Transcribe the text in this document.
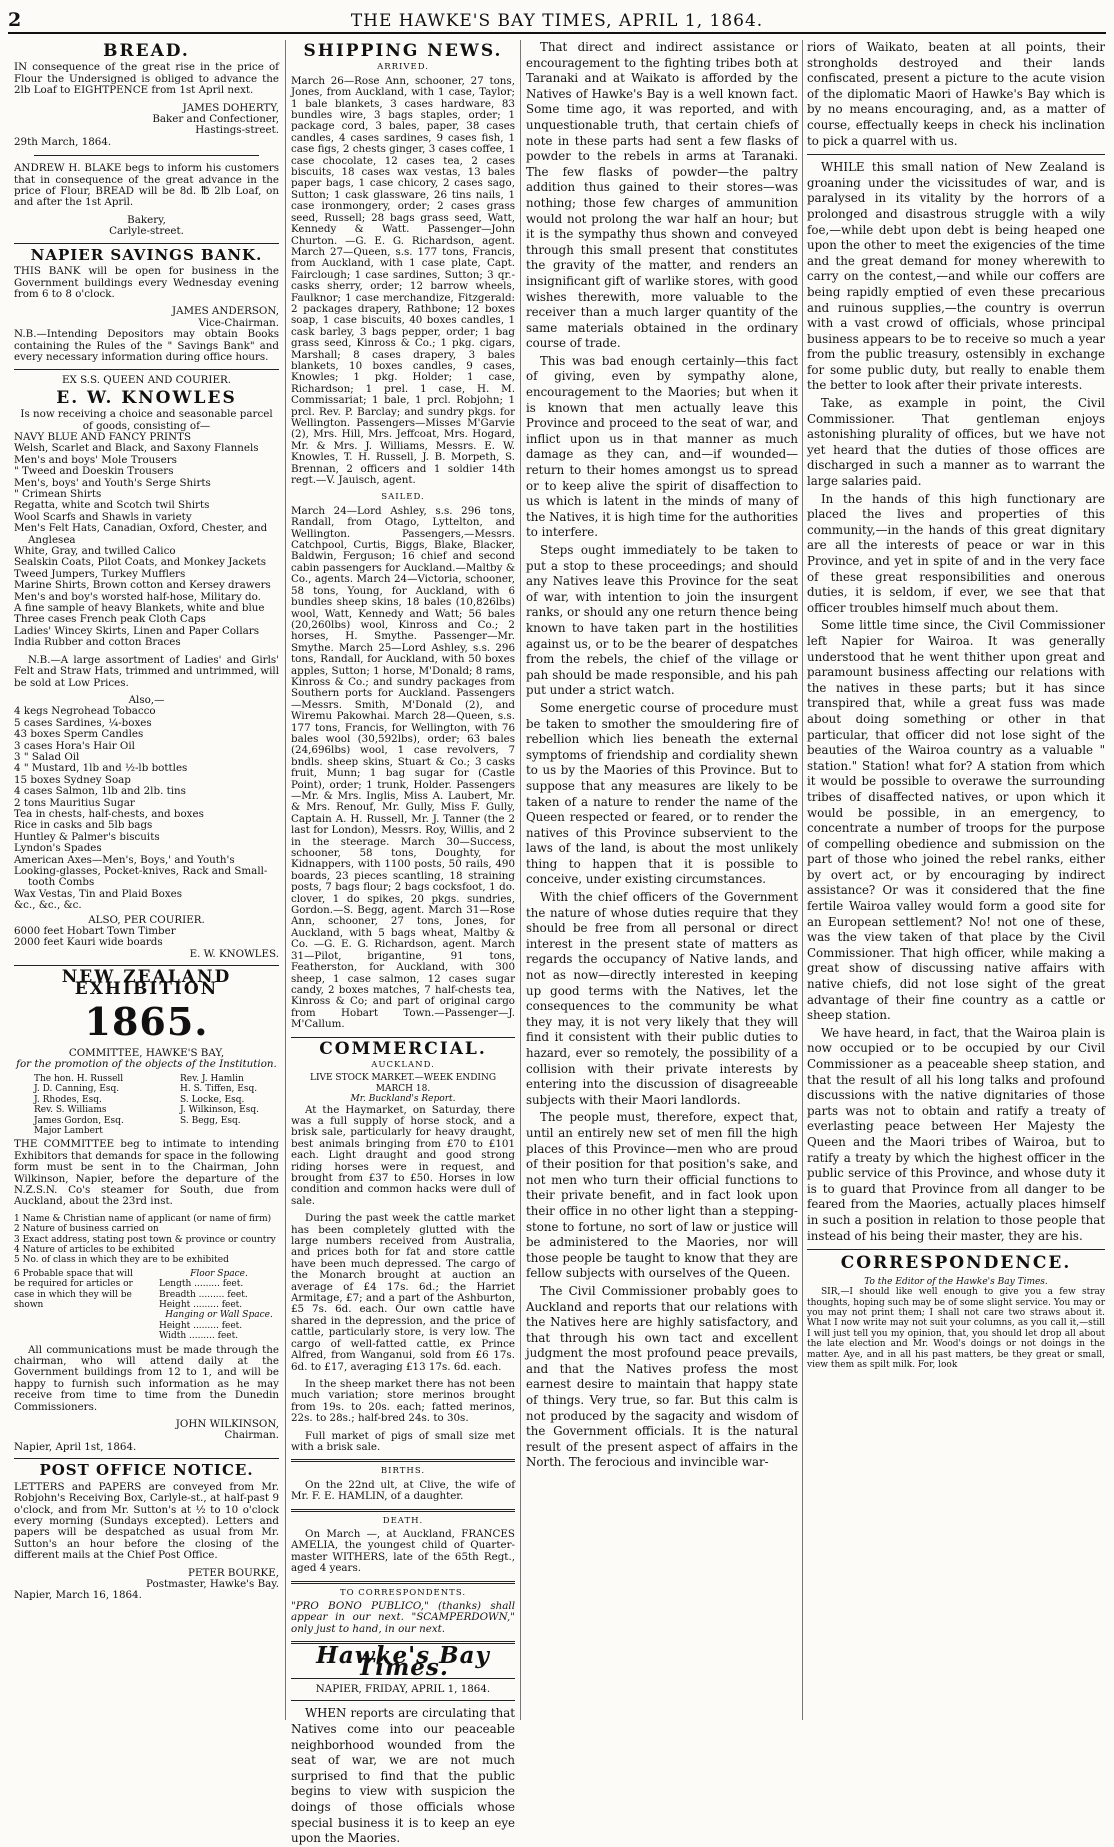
2	THE HAWKE'S BAY TIMES, APRIL 1, 1864.
BREAD.
IN consequence of the great rise in the price of Flour the Undersigned is obliged to advance the 2lb Loaf to EIGHTPENCE from 1st April next.
JAMES DOHERTY,
Baker and Confectioner,
Hastings-street.
29th March, 1864.
ANDREW H. BLAKE begs to inform his customers that in consequence of the great advance in the price of Flour, BREAD will be 8d. ℔ 2lb Loaf, on and after the 1st April.
Bakery,
Carlyle-street.
NAPIER SAVINGS BANK.
THIS BANK will be open for business in the Government buildings every Wednesday evening from 6 to 8 o'clock.
JAMES ANDERSON,
Vice-Chairman.
N.B.—Intending Depositors may obtain Books containing the Rules of the " Savings Bank" and every necessary information during office hours.
EX S.S. QUEEN AND COURIER.
E. W. KNOWLES
Is now receiving a choice and seasonable parcel of goods, consisting of—
NAVY BLUE AND FANCY PRINTS
Welsh, Scarlet and Black, and Saxony Flannels
Men's and boys' Mole Trousers
" Tweed and Doeskin Trousers
Men's, boys' and Youth's Serge Shirts
" Crimean Shirts
Regatta, white and Scotch twil Shirts
Wool Scarfs and Shawls in variety
Men's Felt Hats, Canadian, Oxford, Chester, and Anglesea
White, Gray, and twilled Calico
Sealskin Coats, Pilot Coats, and Monkey Jackets
Tweed Jumpers, Turkey Mufflers
Marine Shirts, Brown cotton and Kersey drawers
Men's and boy's worsted half-hose, Military do.
A fine sample of heavy Blankets, white and blue
Three cases French peak Cloth Caps
Ladies' Wincey Skirts, Linen and Paper Collars
India Rubber and cotton Braces
N.B.—A large assortment of Ladies' and Girls' Felt and Straw Hats, trimmed and untrimmed, will be sold at Low Prices.
Also,—
4 kegs Negrohead Tobacco
5 cases Sardines, ¼-boxes
43 boxes Sperm Candles
3 cases Hora's Hair Oil
3 " Salad Oil
4 " Mustard, 1lb and ½-lb bottles
15 boxes Sydney Soap
4 cases Salmon, 1lb and 2lb. tins
2 tons Mauritius Sugar
Tea in chests, half-chests, and boxes
Rice in casks and 5lb bags
Huntley & Palmer's biscuits
Lyndon's Spades
American Axes—Men's, Boys,' and Youth's
Looking-glasses, Pocket-knives, Rack and Small-tooth Combs
Wax Vestas, Tin and Plaid Boxes
&c., &c., &c.
ALSO, PER COURIER.
6000 feet Hobart Town Timber
2000 feet Kauri wide boards
E. W. KNOWLES.
NEW ZEALAND EXHIBITION
1865.
COMMITTEE, HAWKE'S BAY,
for the promotion of the objects of the Institution.
The hon. H. Russell
J. D. Canning, Esq.
J. Rhodes, Esq.
Rev. S. Williams
James Gordon, Esq.
Major Lambert
Rev. J. Hamlin
H. S. Tiffen, Esq.
S. Locke, Esq.
J. Wilkinson, Esq.
S. Begg, Esq.
THE COMMITTEE beg to intimate to intending Exhibitors that demands for space in the following form must be sent in to the Chairman, John Wilkinson, Napier, before the departure of the N.Z.S.N. Co's steamer for South, due from Auckland, about the 23rd inst.
1 Name & Christian name of applicant (or name of firm)
2 Nature of business carried on
3 Exact address, stating post town & province or country
4 Nature of articles to be exhibited
5 No. of class in which they are to be exhibited
6 Probable space that will be required for articles or case in which they will be shown
Floor Space.
Length ......... feet.
Breadth ......... feet.
Height ......... feet.
Hanging or Wall Space.
Height ......... feet.
Width ......... feet.
All communications must be made through the chairman, who will attend daily at the Government buildings from 12 to 1, and will be happy to furnish such information as he may receive from time to time from the Dunedin Commissioners.
JOHN WILKINSON,
Chairman.
Napier, April 1st, 1864.
POST OFFICE NOTICE.
LETTERS and PAPERS are conveyed from Mr. Robjohn's Receiving Box, Carlyle-st., at half-past 9 o'clock, and from Mr. Sutton's at ½ to 10 o'clock every morning (Sundays excepted). Letters and papers will be despatched as usual from Mr. Sutton's an hour before the closing of the different mails at the Chief Post Office.
PETER BOURKE,
Postmaster, Hawke's Bay.
Napier, March 16, 1864.
SHIPPING NEWS.
ARRIVED.
March 26—Rose Ann, schooner, 27 tons, Jones, from Auckland, with 1 case, Taylor; 1 bale blankets, 3 cases hardware, 83 bundles wire, 3 bags staples, order; 1 package cord, 3 bales, paper, 38 cases candles, 4 cases sardines, 9 cases fish, 1 case figs, 2 chests ginger, 3 cases coffee, 1 case chocolate, 12 cases tea, 2 cases biscuits, 18 cases wax vestas, 13 bales paper bags, 1 case chicory, 2 cases sago, Sutton; 1 cask glassware, 26 tins nails, 1 case ironmongery, order; 2 cases grass seed, Russell; 28 bags grass seed, Watt, Kennedy & Watt. Passenger—John Churton. —G. E. G. Richardson, agent. March 27—Queen, s.s. 177 tons, Francis, from Auckland, with 1 case plate, Capt. Fairclough; 1 case sardines, Sutton; 3 qr.-casks sherry, order; 12 barrow wheels, Faulknor; 1 case merchandize, Fitzgerald: 2 packages drapery, Rathbone; 12 boxes soap, 1 case biscuits, 40 boxes candles, 1 cask barley, 3 bags pepper, order; 1 bag grass seed, Kinross & Co.; 1 pkg. cigars, Marshall; 8 cases drapery, 3 bales blankets, 10 boxes candles, 9 cases, Knowles; 1 pkg. Holder; 1 case, Richardson; 1 prel. 1 case, H. M. Commissariat; 1 bale, 1 prcl. Robjohn; 1 prcl. Rev. P. Barclay; and sundry pkgs. for Wellington. Passengers—Misses M'Garvie (2), Mrs. Hill, Mrs. Jeffcoat, Mrs. Hogard, Mr. & Mrs. J. Williams, Messrs. E. W. Knowles, T. H. Russell, J. B. Morpeth, S. Brennan, 2 officers and 1 soldier 14th regt.—V. Jauisch, agent.
SAILED.
March 24—Lord Ashley, s.s. 296 tons, Randall, from Otago, Lyttelton, and Wellington. Passengers,—Messrs. Catchpool, Curtis, Biggs, Blake, Blacker, Baldwin, Ferguson; 16 chief and second cabin passengers for Auckland.—Maltby & Co., agents. March 24—Victoria, schooner, 58 tons, Young, for Auckland, with 6 bundles sheep skins, 18 bales (10,826lbs) wool, Watt, Kennedy and Watt; 56 bales (20,260lbs) wool, Kinross and Co.; 2 horses, H. Smythe. Passenger—Mr. Smythe. March 25—Lord Ashley, s.s. 296 tons, Randall, for Auckland, with 50 boxes apples, Sutton; 1 horse, M'Donald; 8 rams, Kinross & Co.; and sundry packages from Southern ports for Auckland. Passengers—Messrs. Smith, M'Donald (2), and Wiremu Pakowhai. March 28—Queen, s.s. 177 tons, Francis, for Wellington, with 76 bales wool (30,592lbs), order; 63 bales (24,696lbs) wool, 1 case revolvers, 7 bndls. sheep skins, Stuart & Co.; 3 casks fruit, Munn; 1 bag sugar for (Castle Point), order; 1 trunk, Holder. Passengers—Mr. & Mrs. Inglis, Miss A. Laubert, Mr. & Mrs. Renouf, Mr. Gully, Miss F. Gully, Captain A. H. Russell, Mr. J. Tanner (the 2 last for London), Messrs. Roy, Willis, and 2 in the steerage. March 30—Success, schooner, 58 tons, Doughty, for Kidnappers, with 1100 posts, 50 rails, 490 boards, 23 pieces scantling, 18 straining posts, 7 bags flour; 2 bags cocksfoot, 1 do. clover, 1 do spikes, 20 pkgs. sundries, Gordon.—S. Begg, agent. March 31—Rose Ann, schooner, 27 tons, Jones, for Auckland, with 5 bags wheat, Maltby & Co. —G. E. G. Richardson, agent. March 31—Pilot, brigantine, 91 tons, Featherston, for Auckland, with 300 sheep, 1 case salmon, 12 cases sugar candy, 2 boxes matches, 7 half-chests tea, Kinross & Co; and part of original cargo from Hobart Town.—Passenger—J. M'Callum.
COMMERCIAL.
AUCKLAND.
LIVE STOCK MARKET.—WEEK ENDING MARCH 18.
Mr. Buckland's Report.
At the Haymarket, on Saturday, there was a full supply of horse stock, and a brisk sale, particularly for heavy draught, best animals bringing from £70 to £101 each. Light draught and good strong riding horses were in request, and brought from £37 to £50. Horses in low condition and common hacks were dull of sale.
During the past week the cattle market has been completely glutted with the large numbers received from Australia, and prices both for fat and store cattle have been much depressed. The cargo of the Monarch brought at auction an average of £4 17s. 6d.; the Harriet Armitage, £7; and a part of the Ashburton, £5 7s. 6d. each. Our own cattle have shared in the depression, and the price of cattle, particularly store, is very low. The cargo of well-fatted cattle, ex Prince Alfred, from Wanganui, sold from £6 17s. 6d. to £17, averaging £13 17s. 6d. each.
In the sheep market there has not been much variation; store merinos brought from 19s. to 20s. each; fatted merinos, 22s. to 28s.; half-bred 24s. to 30s.
Full market of pigs of small size met with a brisk sale.
BIRTHS.
On the 22nd ult, at Clive, the wife of Mr. F. E. HAMLIN, of a daughter.
DEATH.
On March —, at Auckland, FRANCES AMELIA, the youngest child of Quarter-master WITHERS, late of the 65th Regt., aged 4 years.
TO CORRESPONDENTS.
"PRO BONO PUBLICO," (thanks) shall appear in our next. "SCAMPERDOWN," only just to hand, in our next.
Hawke's Bay Times.
NAPIER, FRIDAY, APRIL 1, 1864.
WHEN reports are circulating that Natives come into our peaceable neighborhood wounded from the seat of war, we are not much surprised to find that the public begins to view with suspicion the doings of those officials whose special business it is to keep an eye upon the Maories.

That direct and indirect assistance or encouragement to the fighting tribes both at Taranaki and at Waikato is afforded by the Natives of Hawke's Bay is a well known fact. Some time ago, it was reported, and with unquestionable truth, that certain chiefs of note in these parts had sent a few flasks of powder to the rebels in arms at Taranaki. The few flasks of powder—the paltry addition thus gained to their stores—was nothing; those few charges of ammunition would not prolong the war half an hour; but it is the sympathy thus shown and conveyed through this small present that constitutes the gravity of the matter, and renders an insignificant gift of warlike stores, with good wishes therewith, more valuable to the receiver than a much larger quantity of the same materials obtained in the ordinary course of trade.

This was bad enough certainly—this fact of giving, even by sympathy alone, encouragement to the Maories; but when it is known that men actually leave this Province and proceed to the seat of war, and inflict upon us in that manner as much damage as they can, and—if wounded—return to their homes amongst us to spread or to keep alive the spirit of disaffection to us which is latent in the minds of many of the Natives, it is high time for the authorities to interfere.

Steps ought immediately to be taken to put a stop to these proceedings; and should any Natives leave this Province for the seat of war, with intention to join the insurgent ranks, or should any one return thence being known to have taken part in the hostilities against us, or to be the bearer of despatches from the rebels, the chief of the village or pah should be made responsible, and his pah put under a strict watch.

Some energetic course of procedure must be taken to smother the smouldering fire of rebellion which lies beneath the external symptoms of friendship and cordiality shewn to us by the Maories of this Province. But to suppose that any measures are likely to be taken of a nature to render the name of the Queen respected or feared, or to render the natives of this Province subservient to the laws of the land, is about the most unlikely thing to happen that it is possible to conceive, under existing circumstances.

With the chief officers of the Government the nature of whose duties require that they should be free from all personal or direct interest in the present state of matters as regards the occupancy of Native lands, and not as now—directly interested in keeping up good terms with the Natives, let the consequences to the community be what they may, it is not very likely that they will find it consistent with their public duties to hazard, ever so remotely, the possibility of a collision with their private interests by entering into the discussion of disagreeable subjects with their Maori landlords.

The people must, therefore, expect that, until an entirely new set of men fill the high places of this Province—men who are proud of their position for that position's sake, and not men who turn their official functions to their private benefit, and in fact look upon their office in no other light than a stepping-stone to fortune, no sort of law or justice will be administered to the Maories, nor will those people be taught to know that they are fellow subjects with ourselves of the Queen.

The Civil Commissioner probably goes to Auckland and reports that our relations with the Natives here are highly satisfactory, and that through his own tact and excellent judgment the most profound peace prevails, and that the Natives profess the most earnest desire to maintain that happy state of things. Very true, so far. But this calm is not produced by the sagacity and wisdom of the Government officials. It is the natural result of the present aspect of affairs in the North. The ferocious and invincible war-

riors of Waikato, beaten at all points, their strongholds destroyed and their lands confiscated, present a picture to the acute vision of the diplomatic Maori of Hawke's Bay which is by no means encouraging, and, as a matter of course, effectually keeps in check his inclination to pick a quarrel with us.

WHILE this small nation of New Zealand is groaning under the vicissitudes of war, and is paralysed in its vitality by the horrors of a prolonged and disastrous struggle with a wily foe,—while debt upon debt is being heaped one upon the other to meet the exigencies of the time and the great demand for money wherewith to carry on the contest,—and while our coffers are being rapidly emptied of even these precarious and ruinous supplies,—the country is overrun with a vast crowd of officials, whose principal business appears to be to receive so much a year from the public treasury, ostensibly in exchange for some public duty, but really to enable them the better to look after their private interests.

Take, as example in point, the Civil Commissioner. That gentleman enjoys astonishing plurality of offices, but we have not yet heard that the duties of those offices are discharged in such a manner as to warrant the large salaries paid.

In the hands of this high functionary are placed the lives and properties of this community,—in the hands of this great dignitary are all the interests of peace or war in this Province, and yet in spite of and in the very face of these great responsibilities and onerous duties, it is seldom, if ever, we see that that officer troubles himself much about them.

Some little time since, the Civil Commissioner left Napier for Wairoa. It was generally understood that he went thither upon great and paramount business affecting our relations with the natives in these parts; but it has since transpired that, while a great fuss was made about doing something or other in that particular, that officer did not lose sight of the beauties of the Wairoa country as a valuable " station." Station! what for? A station from which it would be possible to overawe the surrounding tribes of disaffected natives, or upon which it would be possible, in an emergency, to concentrate a number of troops for the purpose of compelling obedience and submission on the part of those who joined the rebel ranks, either by overt act, or by encouraging by indirect assistance? Or was it considered that the fine fertile Wairoa valley would form a good site for an European settlement? No! not one of these, was the view taken of that place by the Civil Commissioner. That high officer, while making a great show of discussing native affairs with native chiefs, did not lose sight of the great advantage of their fine country as a cattle or sheep station.

We have heard, in fact, that the Wairoa plain is now occupied or to be occupied by our Civil Commissioner as a peaceable sheep station, and that the result of all his long talks and profound discussions with the native dignitaries of those parts was not to obtain and ratify a treaty of everlasting peace between Her Majesty the Queen and the Maori tribes of Wairoa, but to ratify a treaty by which the highest officer in the public service of this Province, and whose duty it is to guard that Province from all danger to be feared from the Maories, actually places himself in such a position in relation to those people that instead of his being their master, they are his.

CORRESPONDENCE.
To the Editor of the Hawke's Bay Times.
SIR,—I should like well enough to give you a few stray thoughts, hoping such may be of some slight service. You may or you may not print them; I shall not care two straws about it. What I now write may not suit your columns, as you call it,—still I will just tell you my opinion, that, you should let drop all about the late election and Mr. Wood's doings or not doings in the matter. Aye, and in all his past matters, be they great or small, view them as spilt milk. For, look
